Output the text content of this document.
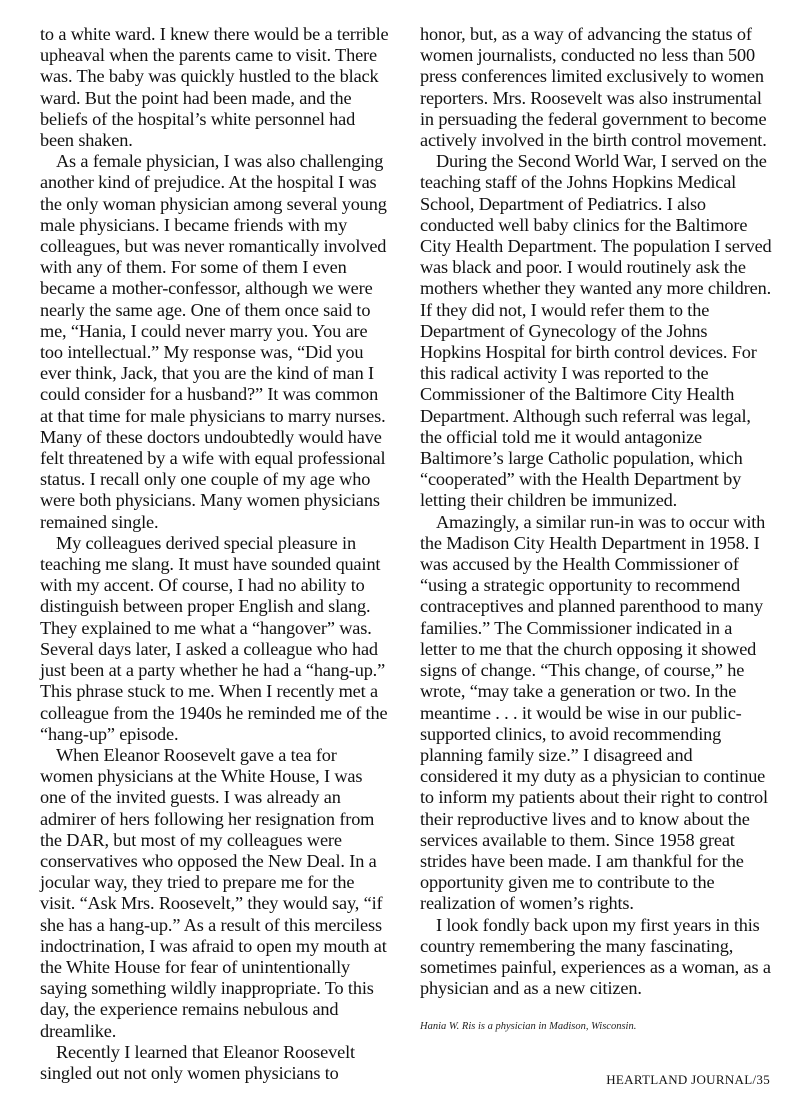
to a white ward. I knew there would be a terrible upheaval when the parents came to visit. There was. The baby was quickly hustled to the black ward. But the point had been made, and the beliefs of the hospital’s white personnel had been shaken.

As a female physician, I was also challenging another kind of prejudice. At the hospital I was the only woman physician among several young male physicians. I became friends with my colleagues, but was never romantically involved with any of them. For some of them I even became a mother-confessor, although we were nearly the same age. One of them once said to me, “Hania, I could never marry you. You are too intellectual.” My response was, “Did you ever think, Jack, that you are the kind of man I could consider for a husband?” It was common at that time for male physicians to marry nurses. Many of these doctors undoubtedly would have felt threatened by a wife with equal professional status. I recall only one couple of my age who were both physicians. Many women physicians remained single.

My colleagues derived special pleasure in teaching me slang. It must have sounded quaint with my accent. Of course, I had no ability to distinguish between proper English and slang. They explained to me what a “hangover” was. Several days later, I asked a colleague who had just been at a party whether he had a “hang-up.” This phrase stuck to me. When I recently met a colleague from the 1940s he reminded me of the “hang-up” episode.

When Eleanor Roosevelt gave a tea for women physicians at the White House, I was one of the invited guests. I was already an admirer of hers following her resignation from the DAR, but most of my colleagues were conservatives who opposed the New Deal. In a jocular way, they tried to prepare me for the visit. “Ask Mrs. Roosevelt,” they would say, “if she has a hang-up.” As a result of this merciless indoctrination, I was afraid to open my mouth at the White House for fear of unintentionally saying something wildly inappropriate. To this day, the experience remains nebulous and dreamlike.

Recently I learned that Eleanor Roosevelt singled out not only women physicians to

honor, but, as a way of advancing the status of women journalists, conducted no less than 500 press conferences limited exclusively to women reporters. Mrs. Roosevelt was also instrumental in persuading the federal government to become actively involved in the birth control movement.

During the Second World War, I served on the teaching staff of the Johns Hopkins Medical School, Department of Pediatrics. I also conducted well baby clinics for the Baltimore City Health Department. The population I served was black and poor. I would routinely ask the mothers whether they wanted any more children. If they did not, I would refer them to the Department of Gynecology of the Johns Hopkins Hospital for birth control devices. For this radical activity I was reported to the Commissioner of the Baltimore City Health Department. Although such referral was legal, the official told me it would antagonize Baltimore’s large Catholic population, which “cooperated” with the Health Department by letting their children be immunized.

Amazingly, a similar run-in was to occur with the Madison City Health Department in 1958. I was accused by the Health Commissioner of “using a strategic opportunity to recommend contraceptives and planned parenthood to many families.” The Commissioner indicated in a letter to me that the church opposing it showed signs of change. “This change, of course,” he wrote, “may take a generation or two. In the meantime . . . it would be wise in our public-supported clinics, to avoid recommending planning family size.” I disagreed and considered it my duty as a physician to continue to inform my patients about their right to control their reproductive lives and to know about the services available to them. Since 1958 great strides have been made. I am thankful for the opportunity given me to contribute to the realization of women’s rights.

I look fondly back upon my first years in this country remembering the many fascinating, sometimes painful, experiences as a woman, as a physician and as a new citizen.

Hania W. Ris is a physician in Madison, Wisconsin.

HEARTLAND JOURNAL/35
